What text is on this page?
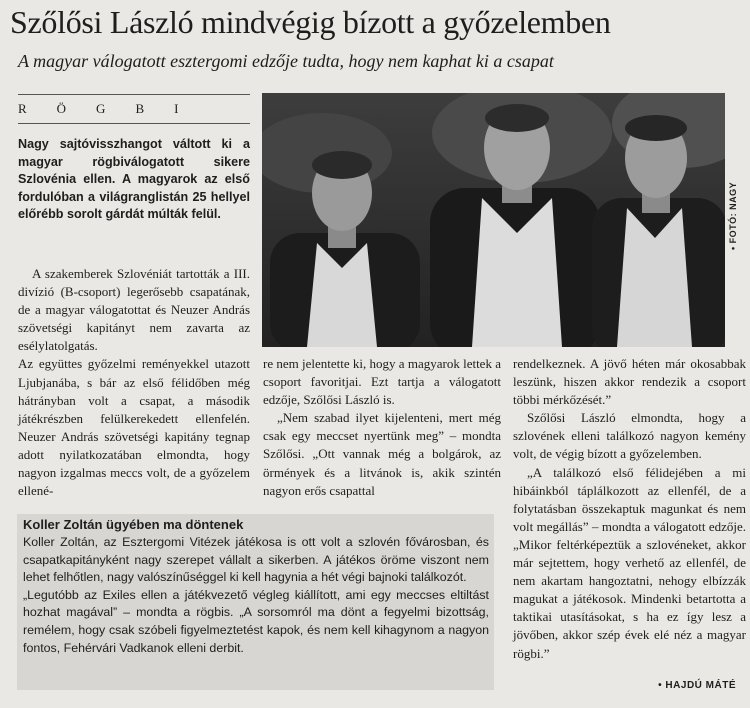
Szőlősi László mindvégig bízott a győzelemben
A magyar válogatott esztergomi edzője tudta, hogy nem kaphat ki a csapat
RÖGBI
Nagy sajtóvisszhangot váltott ki a magyar rögbiválogatott sikere Szlovénia ellen. A magyarok az első fordulóban a világranglistán 25 hellyel előrébb sorolt gárdát múlták felül.

A szakemberek Szlovéniát tartották a III. divízió (B-csoport) legerősebb csapatának, de a magyar válogatottat és Neuzer András szövetségi kapitányt nem zavarta az esélylatolgatás.

Az együttes győzelmi reményekkel utazott Ljubjanába, s bár az első félidőben még hátrányban volt a csapat, a második játékrészben felülkerekedett ellenfelén. Neuzer András szövetségi kapitány tegnap adott nyilatkozatában elmondta, hogy nagyon izgalmas meccs volt, de a győzelem ellené-

• FOTÓ: NAGY

re nem jelentette ki, hogy a magyarok lettek a csoport favoritjai. Ezt tartja a válogatott edzője, Szőlősi László is.

„Nem szabad ilyet kijelenteni, mert még csak egy meccset nyertünk meg” – mondta Szőlősi. „Ott vannak még a bolgárok, az örmények és a litvánok is, akik szintén nagyon erős csapattal

rendelkeznek. A jövő héten már okosabbak leszünk, hiszen akkor rendezik a csoport többi mérkőzését.”

Szőlősi László elmondta, hogy a szlovének elleni találkozó nagyon kemény volt, de végig bízott a győzelemben.

„A találkozó első félidejében a mi hibáinkból táplálkozott az ellenfél, de a folytatásban összekaptuk magunkat és nem volt megállás” – mondta a válogatott edzője. „Mikor feltérképeztük a szlovéneket, akkor már sejtettem, hogy verhető az ellenfél, de nem akartam hangoztatni, nehogy elbízzák magukat a játékosok. Mindenki betartotta a taktikai utasításokat, s ha ez így lesz a jövőben, akkor szép évek elé néz a magyar rögbi.”

Koller Zoltán ügyében ma döntenek

Koller Zoltán, az Esztergomi Vitézek játékosa is ott volt a szlovén fővárosban, és csapatkapitányként nagy szerepet vállalt a sikerben. A játékos öröme viszont nem lehet felhőtlen, nagy valószínűséggel ki kell hagynia a hét végi bajnoki találkozót.

„Legutóbb az Exiles ellen a játékvezető végleg kiállított, ami egy meccses eltiltást hozhat magával” – mondta a rögbis. „A sorsomról ma dönt a fegyelmi bizottság, remélem, hogy csak szóbeli figyelmeztetést kapok, és nem kell kihagynom a nagyon fontos, Fehérvári Vadkanok elleni derbit.

• HAJDÚ MÁTÉ
